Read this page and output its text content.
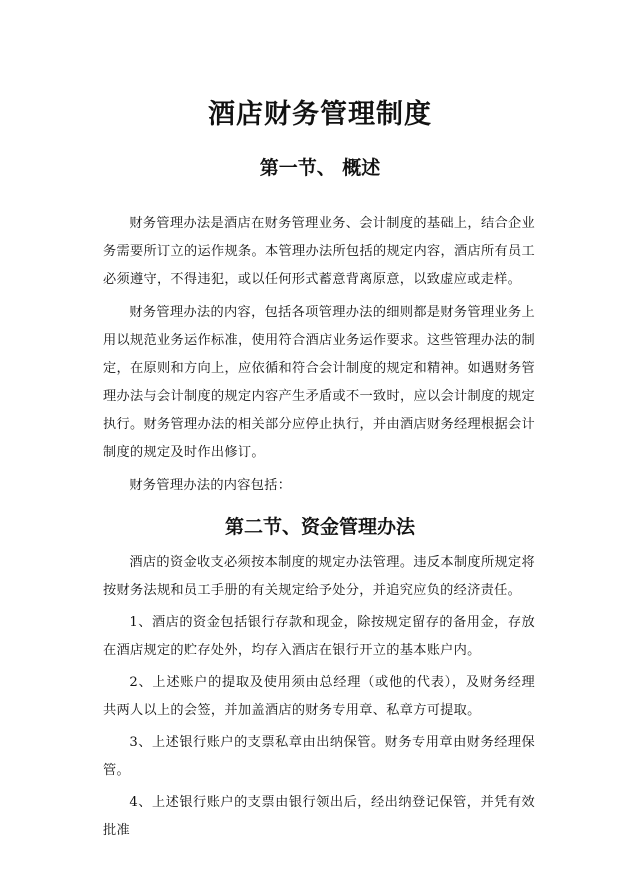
酒店财务管理制度
第一节、 概述

财务管理办法是酒店在财务管理业务、会计制度的基础上，结合企业务需要所订立的运作规条。本管理办法所包括的规定内容，酒店所有员工必须遵守，不得违犯，或以任何形式蓄意背离原意，以致虚应或走样。

财务管理办法的内容，包括各项管理办法的细则都是财务管理业务上用以规范业务运作标准，使用符合酒店业务运作要求。这些管理办法的制定，在原则和方向上，应依循和符合会计制度的规定和精神。如遇财务管理办法与会计制度的规定内容产生矛盾或不一致时，应以会计制度的规定执行。财务管理办法的相关部分应停止执行，并由酒店财务经理根据会计制度的规定及时作出修订。

财务管理办法的内容包括：

第二节、资金管理办法

酒店的资金收支必须按本制度的规定办法管理。违反本制度所规定将按财务法规和员工手册的有关规定给予处分，并追究应负的经济责任。

1、酒店的资金包括银行存款和现金，除按规定留存的备用金，存放在酒店规定的贮存处外，均存入酒店在银行开立的基本账户内。

2、上述账户的提取及使用须由总经理（或他的代表），及财务经理共两人以上的会签，并加盖酒店的财务专用章、私章方可提取。

3、上述银行账户的支票私章由出纳保管。财务专用章由财务经理保管。

4、上述银行账户的支票由银行领出后，经出纳登记保管，并凭有效批准
